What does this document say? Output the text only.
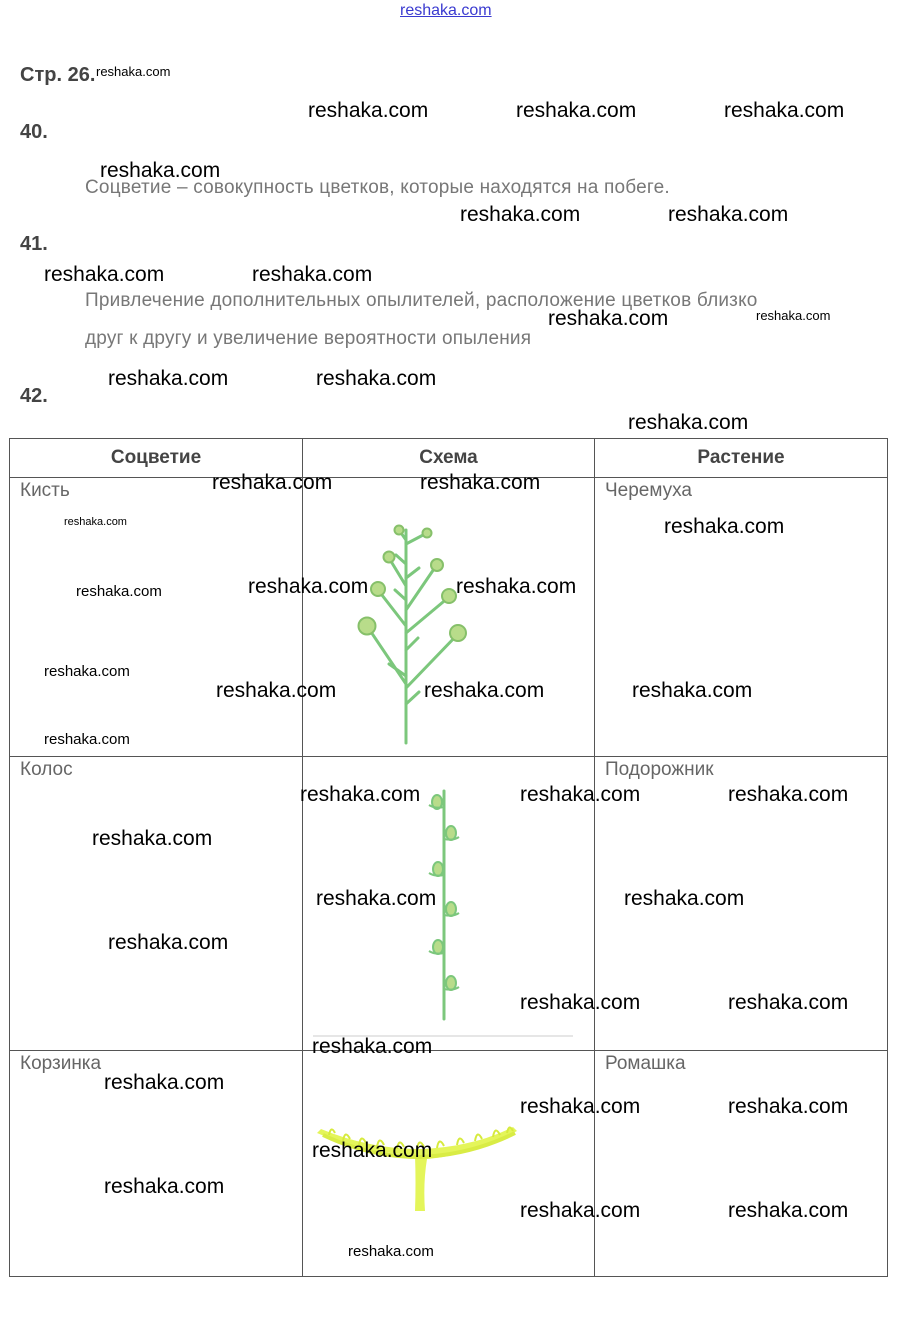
reshaka.com
Стр. 26.
40.
Соцветие – совокупность цветков, которые находятся на побеге.
41.
Привлечение дополнительных опылителей, расположение цветков близко
друг к другу и увеличение вероятности опыления
42.
Соцветие	Схема	Растение

Кисть		Черемуха

Колос		Подорожник

Корзинка		Ромашка
reshaka.com
reshaka.com	reshaka.com	reshaka.com
reshaka.com
reshaka.com	reshaka.com
reshaka.com	reshaka.com
reshaka.com	reshaka.com
reshaka.com	reshaka.com
reshaka.com
reshaka.com	reshaka.com
reshaka.com	reshaka.com
reshaka.com	reshaka.com	reshaka.com
reshaka.com
reshaka.com	reshaka.com	reshaka.com
reshaka.com
reshaka.com	reshaka.com	reshaka.com
reshaka.com
reshaka.com	reshaka.com
reshaka.com
reshaka.com	reshaka.com
reshaka.com
reshaka.com
reshaka.com	reshaka.com
reshaka.com
reshaka.com
reshaka.com	reshaka.com
reshaka.com
